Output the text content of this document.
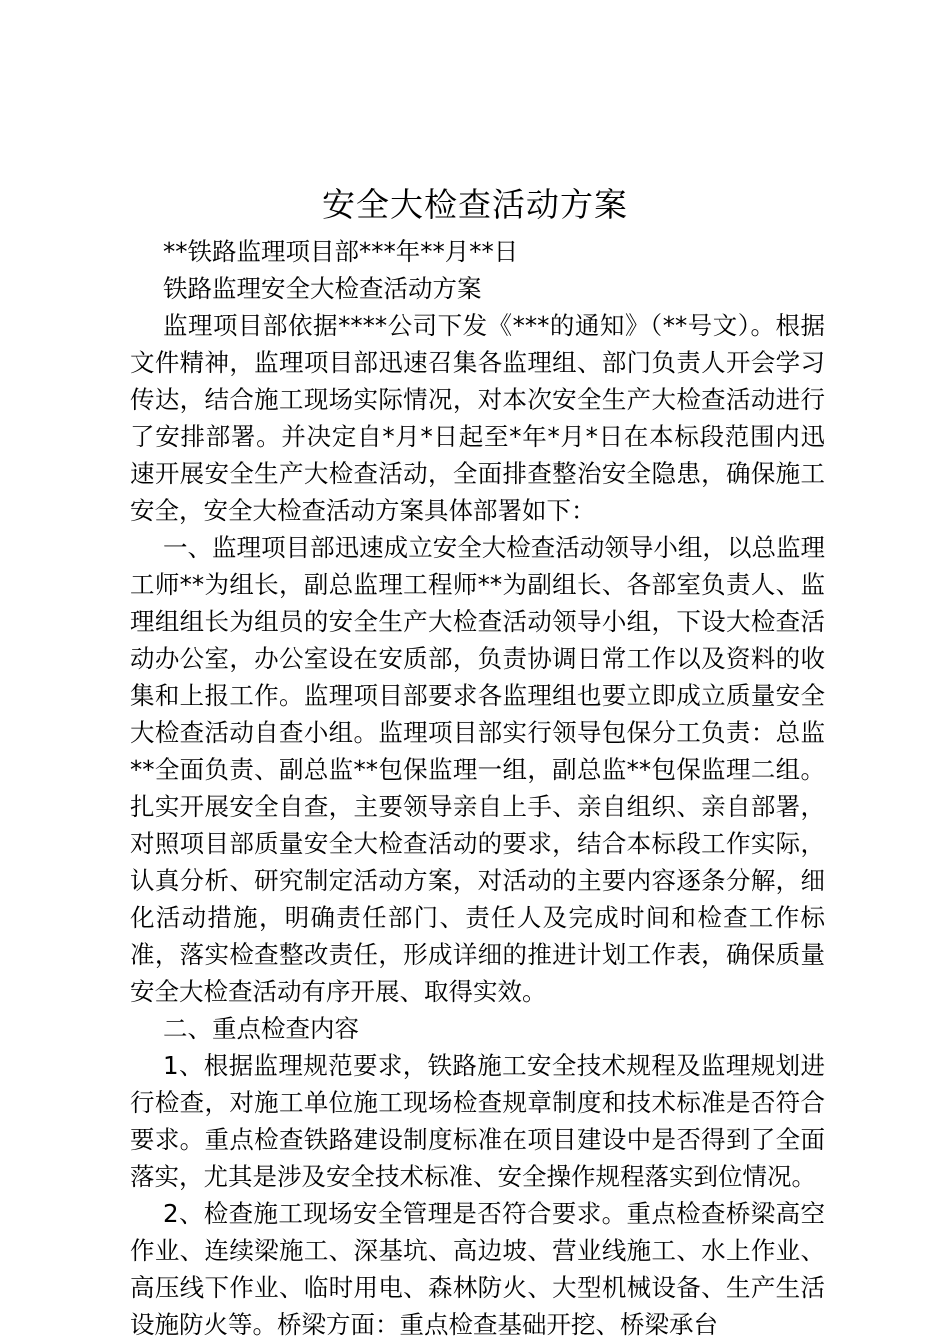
安全大检查活动方案

**铁路监理项目部***年**月**日

铁路监理安全大检查活动方案

监理项目部依据****公司下发《***的通知》（**号文）。根据文件精神，监理项目部迅速召集各监理组、部门负责人开会学习传达，结合施工现场实际情况，对本次安全生产大检查活动进行了安排部署。并决定自*月*日起至*年*月*日在本标段范围内迅速开展安全生产大检查活动，全面排查整治安全隐患，确保施工安全，安全大检查活动方案具体部署如下：

一、监理项目部迅速成立安全大检查活动领导小组，以总监理工师**为组长，副总监理工程师**为副组长、各部室负责人、监理组组长为组员的安全生产大检查活动领导小组，下设大检查活动办公室，办公室设在安质部，负责协调日常工作以及资料的收集和上报工作。监理项目部要求各监理组也要立即成立质量安全大检查活动自查小组。监理项目部实行领导包保分工负责：总监**全面负责、副总监**包保监理一组，副总监**包保监理二组。扎实开展安全自查，主要领导亲自上手、亲自组织、亲自部署，对照项目部质量安全大检查活动的要求，结合本标段工作实际，认真分析、研究制定活动方案，对活动的主要内容逐条分解，细化活动措施，明确责任部门、责任人及完成时间和检查工作标准，落实检查整改责任，形成详细的推进计划工作表，确保质量安全大检查活动有序开展、取得实效。

二、重点检查内容

1、根据监理规范要求，铁路施工安全技术规程及监理规划进行检查，对施工单位施工现场检查规章制度和技术标准是否符合要求。重点检查铁路建设制度标准在项目建设中是否得到了全面落实，尤其是涉及安全技术标准、安全操作规程落实到位情况。

2、检查施工现场安全管理是否符合要求。重点检查桥梁高空作业、连续梁施工、深基坑、高边坡、营业线施工、水上作业、高压线下作业、临时用电、森林防火、大型机械设备、生产生活设施防火等。桥梁方面：重点检查基础开挖、桥梁承台
